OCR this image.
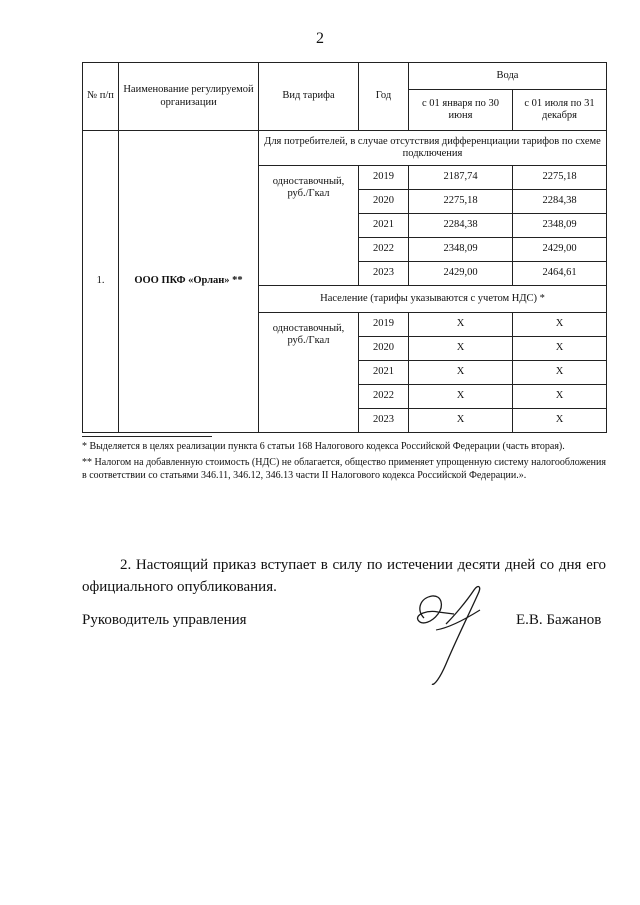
2
№ п/п	Наименование регулируемой организации	Вид тарифа	Год	Вода	
				с 01 января по 30 июня	с 01 июля по 31 декабря
1.	ООО ПКФ «Орлан» **	Для потребителей, в случае отсутствия дифференциации тарифов по схеме подключения			
		одноставочный, руб./Гкал	2019	2187,74	2275,18
			2020	2275,18	2284,38
			2021	2284,38	2348,09
			2022	2348,09	2429,00
			2023	2429,00	2464,61
		Население (тарифы указываются с учетом НДС) *			
		одноставочный, руб./Гкал	2019	X	X
			2020	X	X
			2021	X	X
			2022	X	X
			2023	X	X

* Выделяется в целях реализации пункта 6 статьи 168 Налогового кодекса Российской Федерации (часть вторая).

** Налогом на добавленную стоимость (НДС) не облагается, общество применяет упрощенную систему налогообложения в соответствии со статьями 346.11, 346.12, 346.13 части II Налогового кодекса Российской Федерации.».

2. Настоящий приказ вступает в силу по истечении десяти дней со дня его официального опубликования.

Руководитель управления	Е.В. Бажанов
